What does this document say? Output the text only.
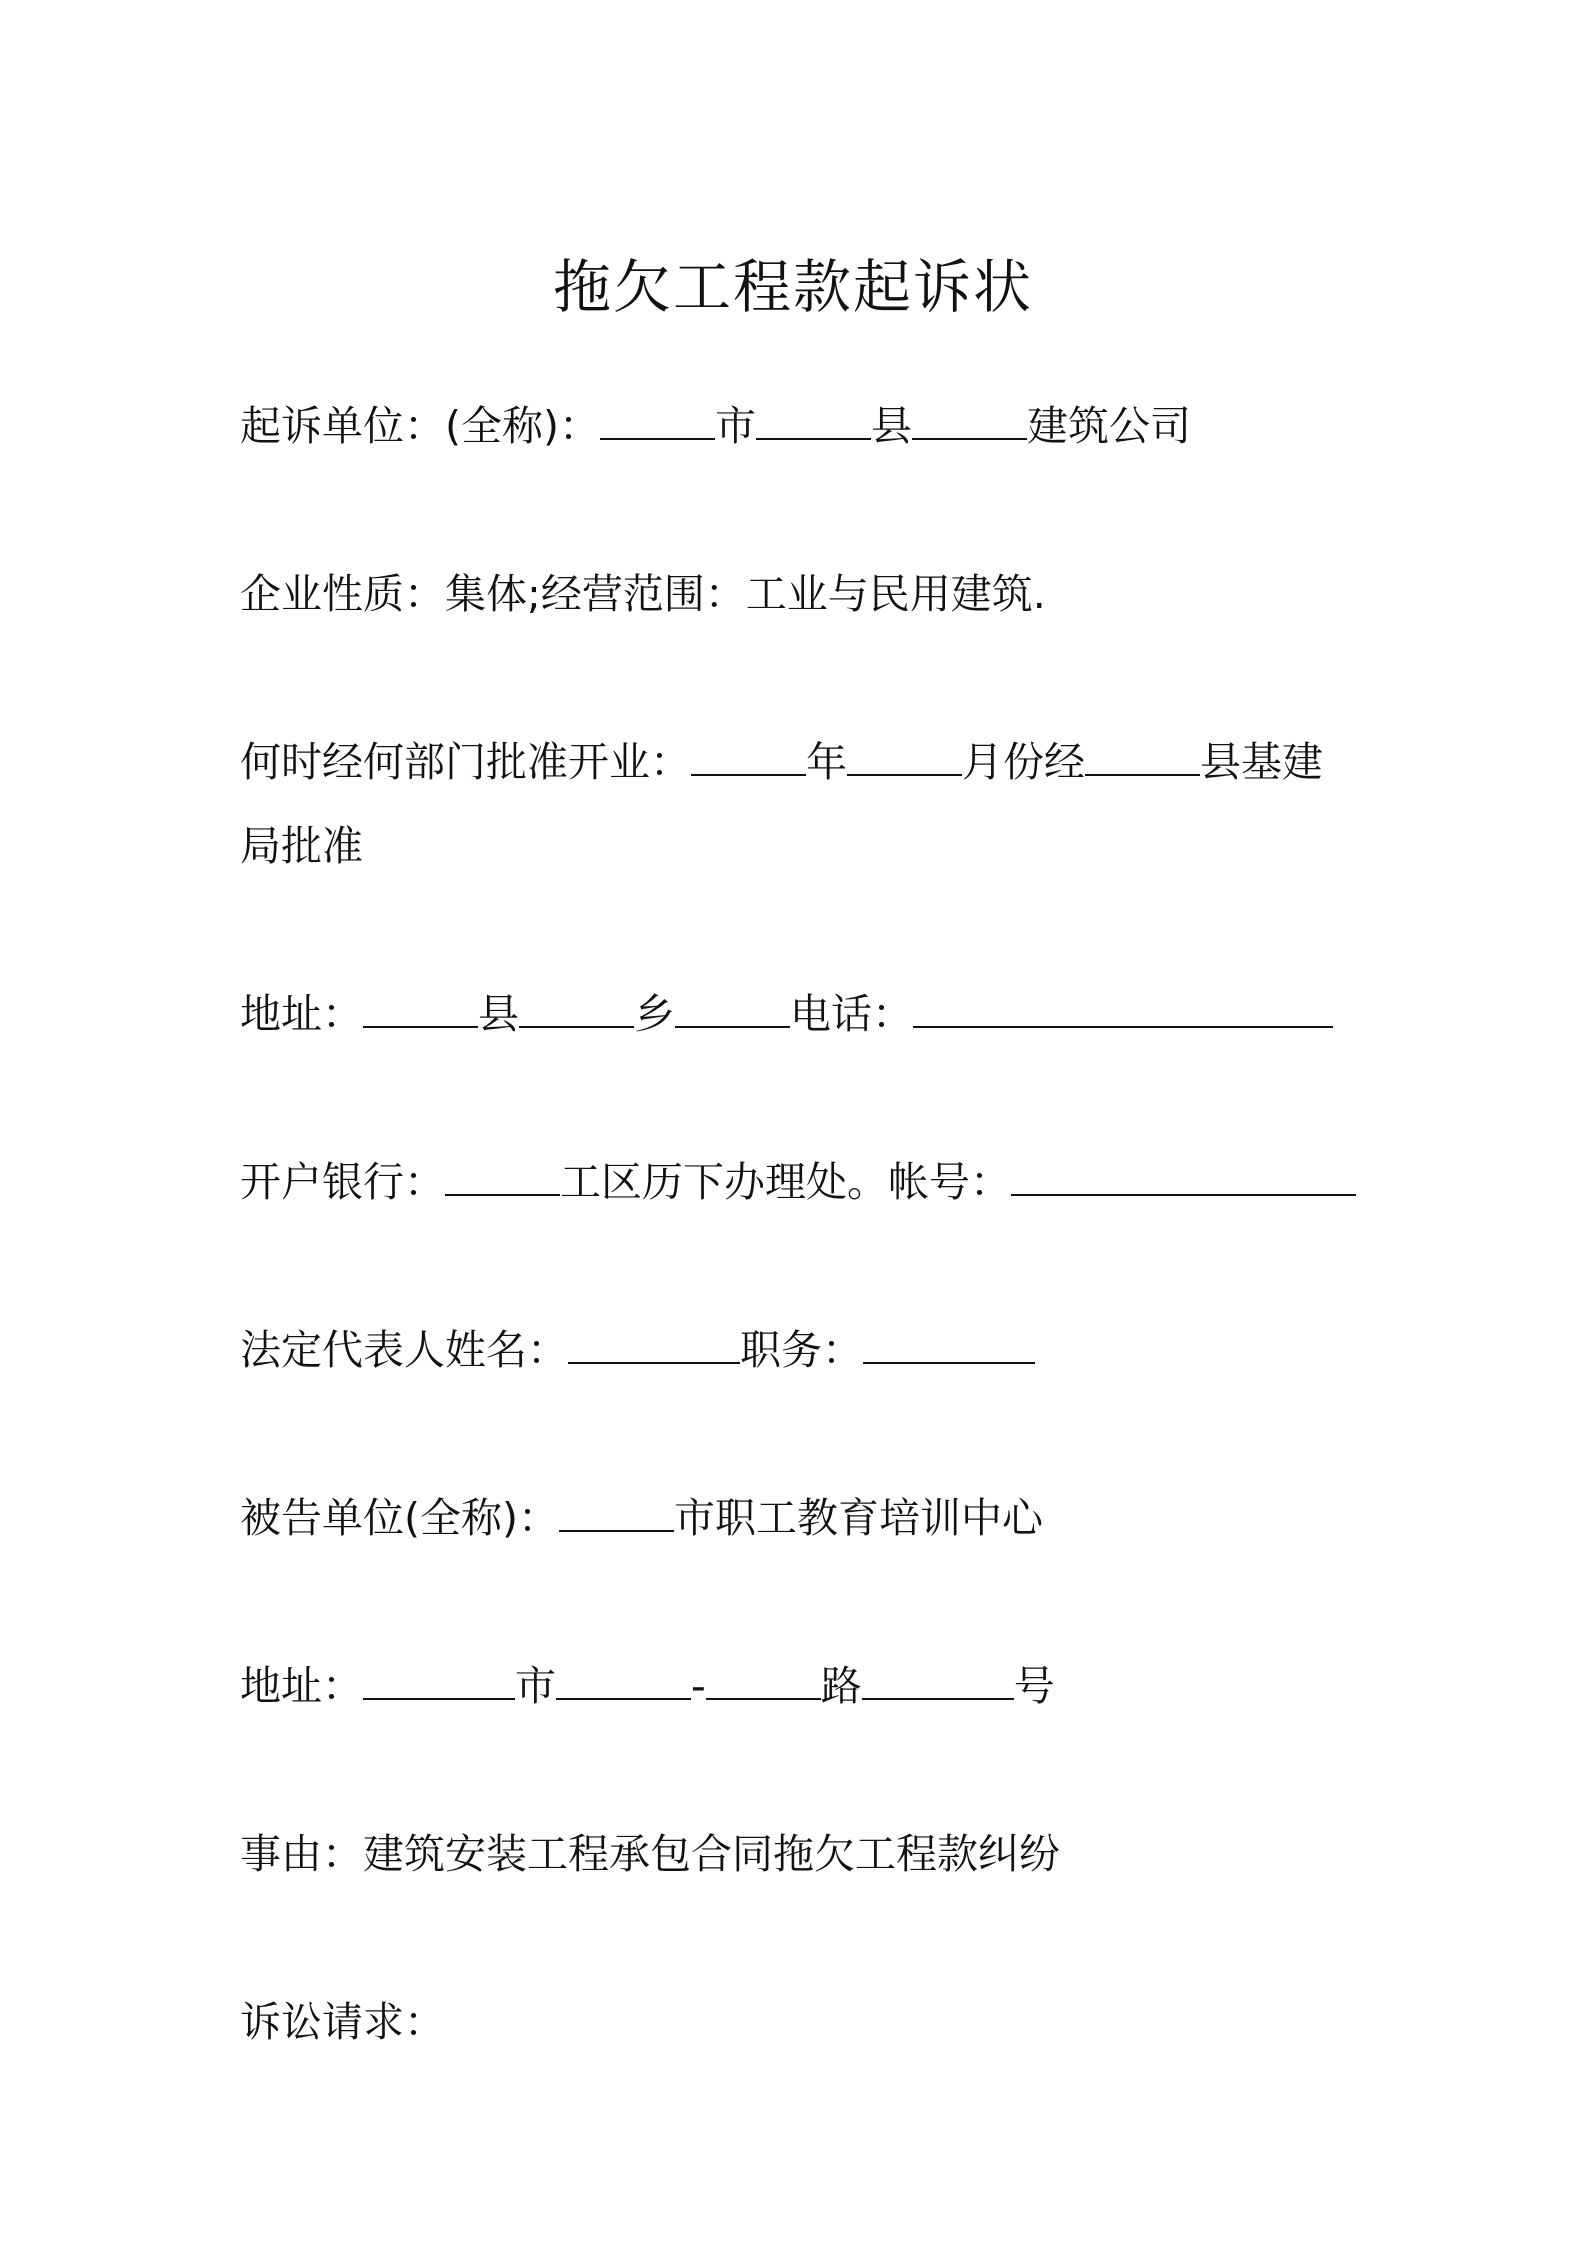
拖欠工程款起诉状
起诉单位：(全称)：	市	县	建筑公司
企业性质：集体;经营范围：工业与民用建筑.
何时经何部门批准开业：	年	月份经	县基建
局批准
地址：	县	乡	电话：
开户银行：	工区历下办理处。帐号：
法定代表人姓名：	职务：
被告单位(全称)：	市职工教育培训中心
地址：	市	-	路	号
事由：建筑安装工程承包合同拖欠工程款纠纷
诉讼请求：
